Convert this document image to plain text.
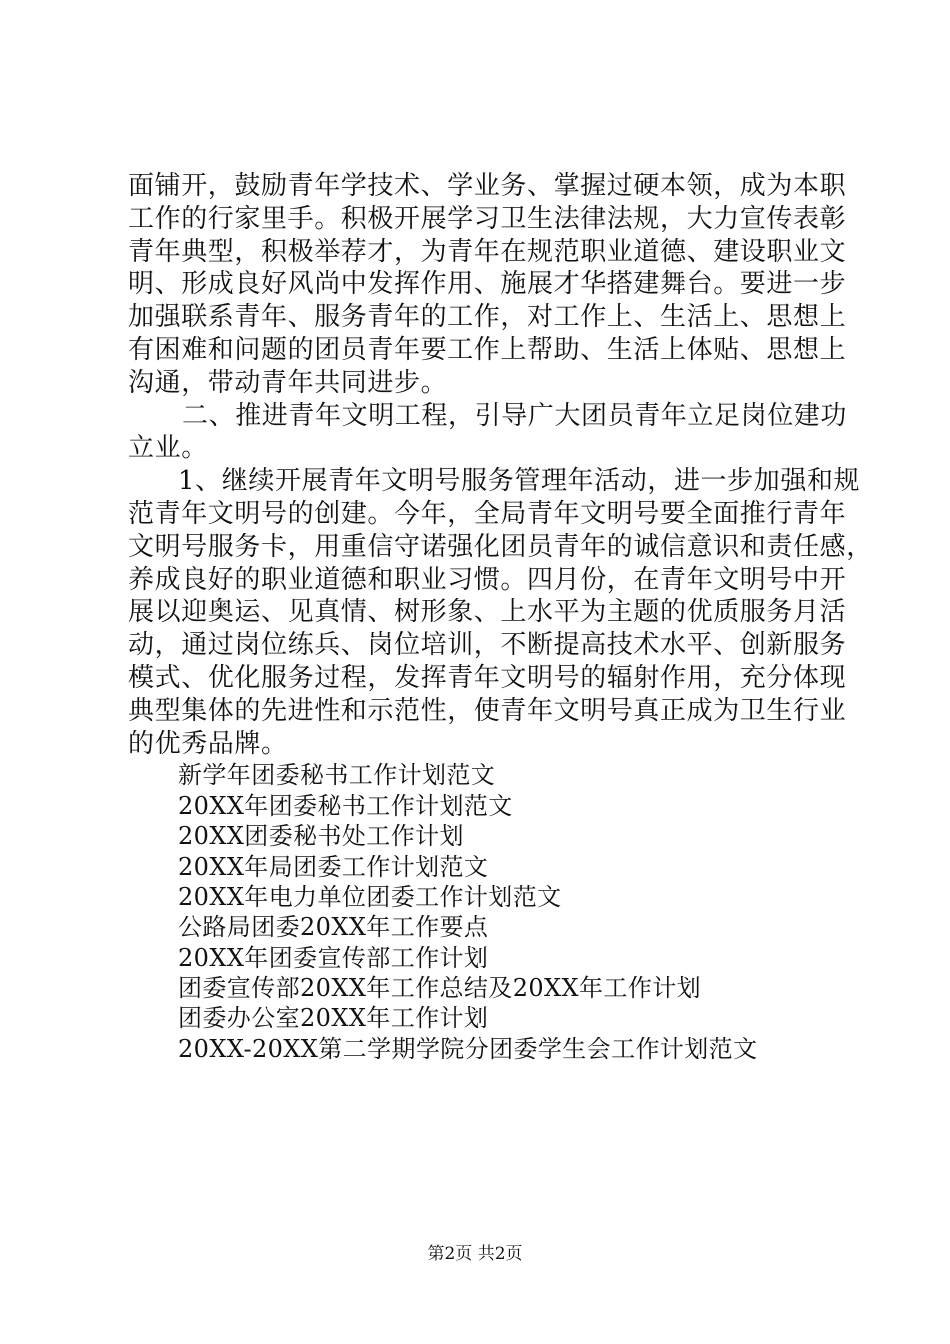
面铺开，鼓励青年学技术、学业务、掌握过硬本领，成为本职
工作的行家里手。积极开展学习卫生法律法规，大力宣传表彰
青年典型，积极举荐才，为青年在规范职业道德、建设职业文
明、形成良好风尚中发挥作用、施展才华搭建舞台。要进一步
加强联系青年、服务青年的工作，对工作上、生活上、思想上
有困难和问题的团员青年要工作上帮助、生活上体贴、思想上
沟通，带动青年共同进步。
二、推进青年文明工程，引导广大团员青年立足岗位建功
立业。
1、继续开展青年文明号服务管理年活动，进一步加强和规
范青年文明号的创建。今年，全局青年文明号要全面推行青年
文明号服务卡，用重信守诺强化团员青年的诚信意识和责任感，
养成良好的职业道德和职业习惯。四月份，在青年文明号中开
展以迎奥运、见真情、树形象、上水平为主题的优质服务月活
动，通过岗位练兵、岗位培训，不断提高技术水平、创新服务
模式、优化服务过程，发挥青年文明号的辐射作用，充分体现
典型集体的先进性和示范性，使青年文明号真正成为卫生行业
的优秀品牌。
新学年团委秘书工作计划范文
20XX年团委秘书工作计划范文
20XX团委秘书处工作计划
20XX年局团委工作计划范文
20XX年电力单位团委工作计划范文
公路局团委20XX年工作要点
20XX年团委宣传部工作计划
团委宣传部20XX年工作总结及20XX年工作计划
团委办公室20XX年工作计划
20XX-20XX第二学期学院分团委学生会工作计划范文
第2页 共2页
